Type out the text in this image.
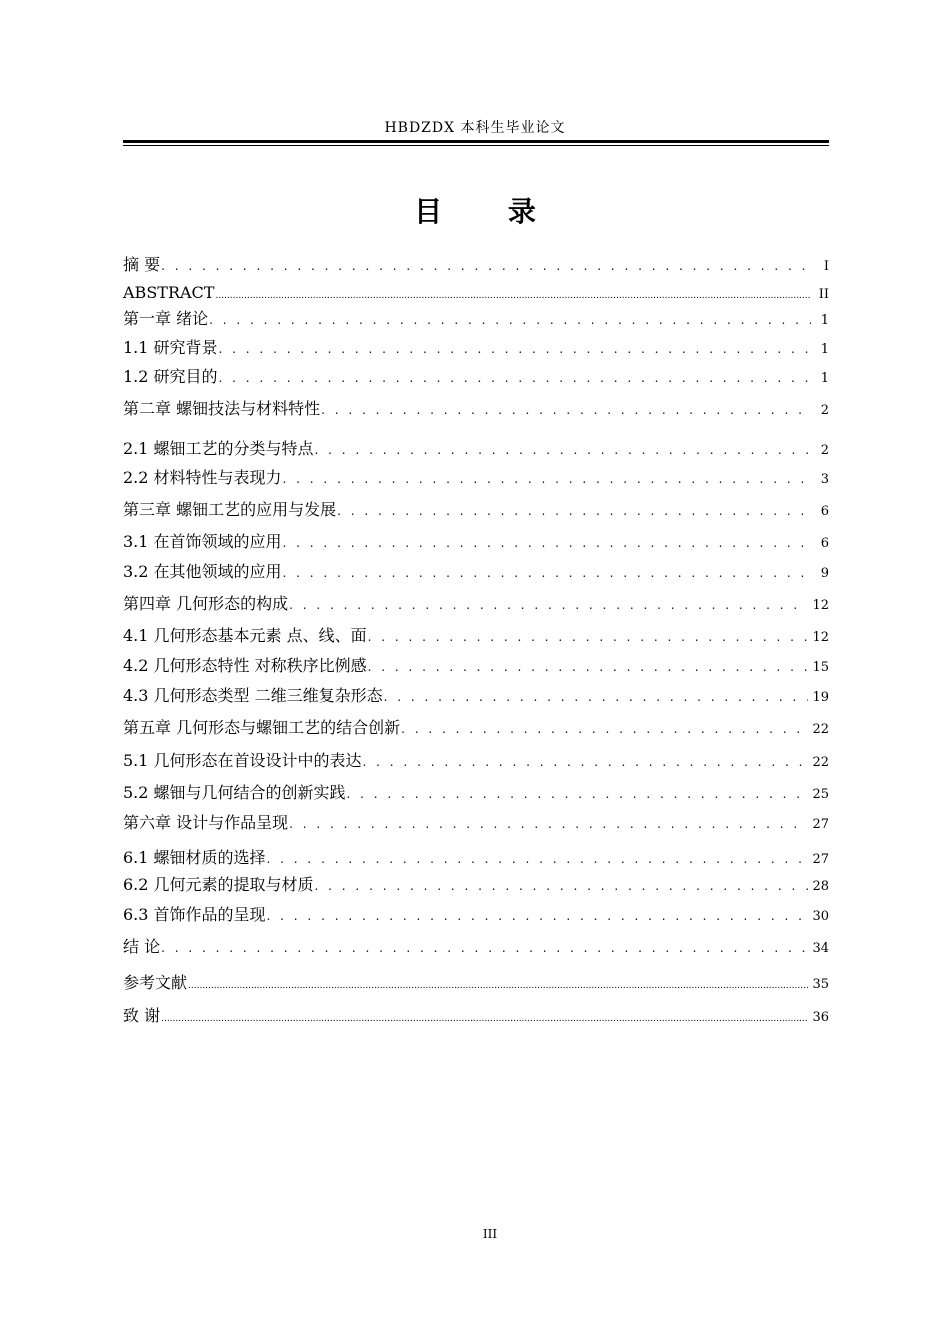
HBDZDX 本科生毕业论文
目 录
摘 要 . . .	I
ABSTRACT .....	II
第一章 绪论 . . .	1
1.1 研究背景 . . .	1
1.2 研究目的 . . .	1
第二章 螺钿技法与材料特性 . . .	2
2.1 螺钿工艺的分类与特点 . . .	2
2.2 材料特性与表现力 . . .	3
第三章 螺钿工艺的应用与发展 . . .	6
3.1 在首饰领域的应用 . . .	6
3.2 在其他领域的应用 . . .	9
第四章 几何形态的构成 . . .	12
4.1 几何形态基本元素 点、线、面 . . .	12
4.2 几何形态特性 对称秩序比例感 . . .	15
4.3 几何形态类型 二维三维复杂形态 . . .	19
第五章 几何形态与螺钿工艺的结合创新 . . .	22
5.1 几何形态在首设设计中的表达 . . .	22
5.2 螺钿与几何结合的创新实践 . . .	25
第六章 设计与作品呈现 . . .	27
6.1 螺钿材质的选择 . . .	27
6.2 几何元素的提取与材质 . . .	28
6.3 首饰作品的呈现 . . .	30
结 论 . . .	34
参考文献 .....	35
致 谢 .....	36
III
